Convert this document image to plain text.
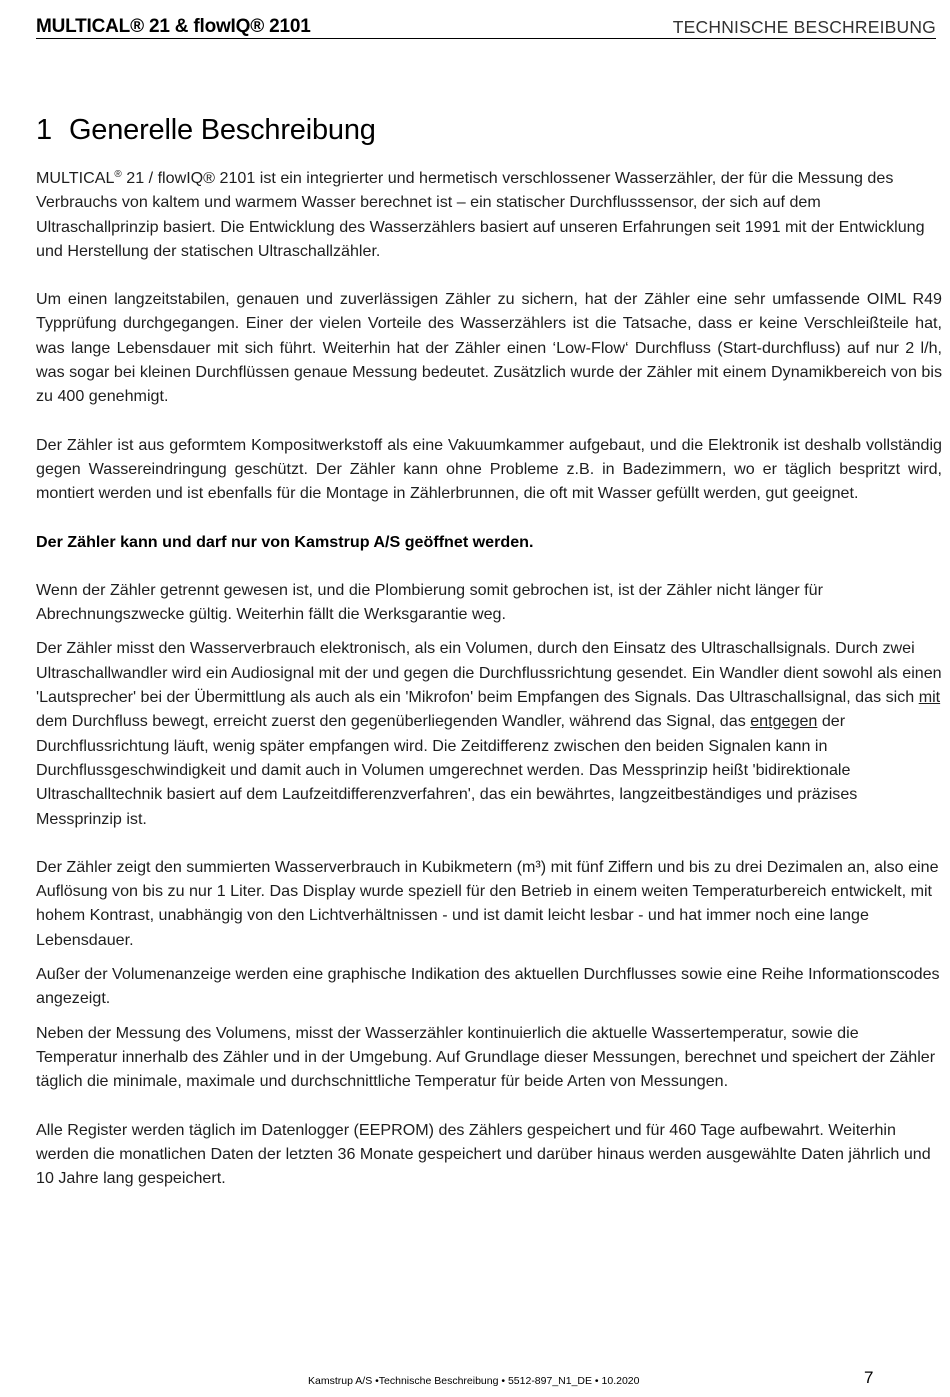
MULTICAL® 21 & flowIQ® 2101	TECHNISCHE BESCHREIBUNG
1 Generelle Beschreibung

MULTICAL® 21 / flowIQ® 2101 ist ein integrierter und hermetisch verschlossener Wasserzähler, der für die Messung des Verbrauchs von kaltem und warmem Wasser berechnet ist – ein statischer Durchflusssensor, der sich auf dem Ultraschallprinzip basiert. Die Entwicklung des Wasserzählers basiert auf unseren Erfahrungen seit 1991 mit der Entwicklung und Herstellung der statischen Ultraschallzähler.

Um einen langzeitstabilen, genauen und zuverlässigen Zähler zu sichern, hat der Zähler eine sehr umfassende OIML R49 Typprüfung durchgegangen. Einer der vielen Vorteile des Wasserzählers ist die Tatsache, dass er keine Verschleißteile hat, was lange Lebensdauer mit sich führt. Weiterhin hat der Zähler einen ‘Low-Flow‘ Durchfluss (Start-durchfluss) auf nur 2 l/h, was sogar bei kleinen Durchflüssen genaue Messung bedeutet. Zusätzlich wurde der Zähler mit einem Dynamikbereich von bis zu 400 genehmigt.

Der Zähler ist aus geformtem Kompositwerkstoff als eine Vakuumkammer aufgebaut, und die Elektronik ist deshalb vollständig gegen Wassereindringung geschützt. Der Zähler kann ohne Probleme z.B. in Badezimmern, wo er täglich bespritzt wird, montiert werden und ist ebenfalls für die Montage in Zählerbrunnen, die oft mit Wasser gefüllt werden, gut geeignet.

Der Zähler kann und darf nur von Kamstrup A/S geöffnet werden.

Wenn der Zähler getrennt gewesen ist, und die Plombierung somit gebrochen ist, ist der Zähler nicht länger für Abrechnungszwecke gültig. Weiterhin fällt die Werksgarantie weg.

Der Zähler misst den Wasserverbrauch elektronisch, als ein Volumen, durch den Einsatz des Ultraschallsignals. Durch zwei Ultraschallwandler wird ein Audiosignal mit der und gegen die Durchflussrichtung gesendet. Ein Wandler dient sowohl als einen 'Lautsprecher' bei der Übermittlung als auch als ein 'Mikrofon' beim Empfangen des Signals. Das Ultraschallsignal, das sich mit dem Durchfluss bewegt, erreicht zuerst den gegenüberliegenden Wandler, während das Signal, das entgegen der Durchflussrichtung läuft, wenig später empfangen wird. Die Zeitdifferenz zwischen den beiden Signalen kann in Durchflussgeschwindigkeit und damit auch in Volumen umgerechnet werden. Das Messprinzip heißt 'bidirektionale Ultraschalltechnik basiert auf dem Laufzeitdifferenzverfahren', das ein bewährtes, langzeitbeständiges und präzises Messprinzip ist.

Der Zähler zeigt den summierten Wasserverbrauch in Kubikmetern (m³) mit fünf Ziffern und bis zu drei Dezimalen an, also eine Auflösung von bis zu nur 1 Liter. Das Display wurde speziell für den Betrieb in einem weiten Temperaturbereich entwickelt, mit hohem Kontrast, unabhängig von den Lichtverhältnissen - und ist damit leicht lesbar - und hat immer noch eine lange Lebensdauer.

Außer der Volumenanzeige werden eine graphische Indikation des aktuellen Durchflusses sowie eine Reihe Informationscodes angezeigt.

Neben der Messung des Volumens, misst der Wasserzähler kontinuierlich die aktuelle Wassertemperatur, sowie die Temperatur innerhalb des Zähler und in der Umgebung. Auf Grundlage dieser Messungen, berechnet und speichert der Zähler täglich die minimale, maximale und durchschnittliche Temperatur für beide Arten von Messungen.

Alle Register werden täglich im Datenlogger (EEPROM) des Zählers gespeichert und für 460 Tage aufbewahrt. Weiterhin werden die monatlichen Daten der letzten 36 Monate gespeichert und darüber hinaus werden ausgewählte Daten jährlich und 10 Jahre lang gespeichert.

Kamstrup A/S •Technische Beschreibung • 5512-897_N1_DE • 10.2020	7
